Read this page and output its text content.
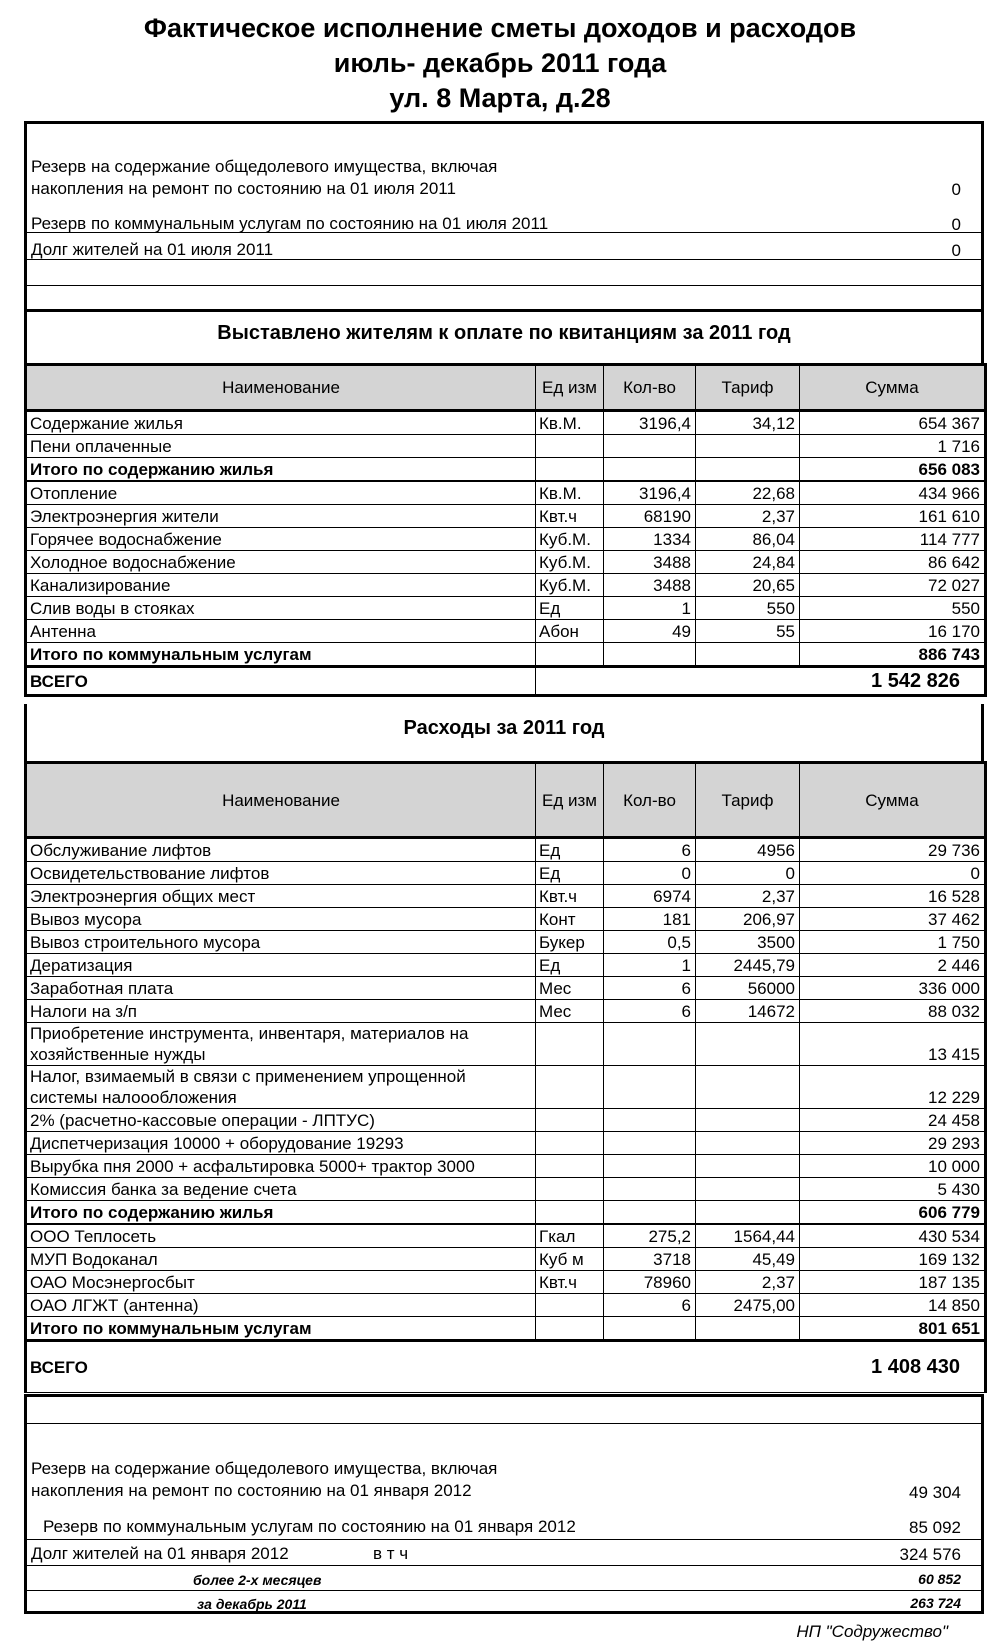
Фактическое исполнение сметы доходов и расходов
июль- декабрь 2011 года
ул. 8 Марта, д.28
Резерв на содержание общедолевого имущества, включая
накопления на ремонт по состоянию на 01 июля 2011	0
Резерв по коммунальным услугам по состоянию на 01 июля 2011	0
Долг жителей на 01 июля 2011	0
Выставлено жителям к оплате по квитанциям за 2011 год
Наименование	Ед изм	Кол-во	Тариф	Сумма
Содержание жилья	Кв.М.	3196,4	34,12	654 367
Пени оплаченные				1 716
Итого по содержанию жилья				656 083
Отопление	Кв.М.	3196,4	22,68	434 966
Электроэнергия жители	Квт.ч	68190	2,37	161 610
Горячее водоснабжение	Куб.М.	1334	86,04	114 777
Холодное водоснабжение	Куб.М.	3488	24,84	86 642
Канализирование	Куб.М.	3488	20,65	72 027
Слив воды в стояках	Ед	1	550	550
Антенна	Абон	49	55	16 170
Итого по коммунальным услугам				886 743
ВСЕГО	1 542 826			
Расходы за 2011 год
Наименование	Ед изм	Кол-во	Тариф	Сумма
Обслуживание лифтов	Ед	6	4956	29 736
Освидетельствование лифтов	Ед	0	0	0
Электроэнергия общих мест	Квт.ч	6974	2,37	16 528
Вывоз мусора	Конт	181	206,97	37 462
Вывоз строительного мусора	Букер	0,5	3500	1 750
Дератизация	Ед	1	2445,79	2 446
Заработная плата	Мес	6	56000	336 000
Налоги на з/п	Мес	6	14672	88 032
Приобретение инструмента, инвентаря, материалов на хозяйственные нужды				13 415
Налог, взимаемый в связи с применением упрощенной системы налоообложения				12 229
2% (расчетно-кассовые операции - ЛПТУС)				24 458
Диспетчеризация 10000 + оборудование 19293				29 293
Вырубка пня 2000 + асфальтировка 5000+ трактор 3000				10 000
Комиссия банка за ведение счета				5 430
Итого по содержанию жилья				606 779
ООО Теплосеть	Гкал	275,2	1564,44	430 534
МУП Водоканал	Куб м	3718	45,49	169 132
ОАО Мосэнергосбыт	Квт.ч	78960	2,37	187 135
ОАО ЛГЖТ (антенна)		6	2475,00	14 850
Итого по коммунальным услугам				801 651
ВСЕГО	1 408 430			
Резерв на содержание общедолевого имущества, включая
накопления на ремонт по состоянию на 01 января 2012	49 304
Резерв по коммунальным услугам по состоянию на 01 января 2012	85 092
Долг жителей на 01 января 2012	в т ч	324 576
более 2-х месяцев	60 852
за декабрь 2011	263 724
НП "Содружество"
